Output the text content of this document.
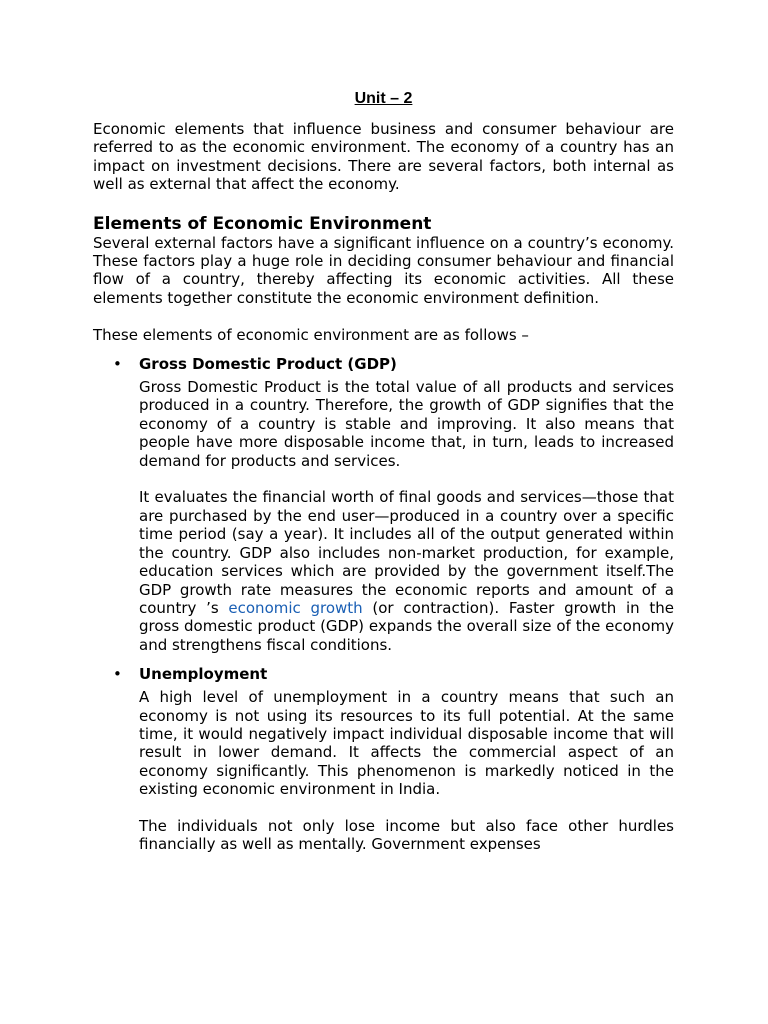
Unit – 2

Economic elements that influence business and consumer behaviour are referred to as the economic environment. The economy of a country has an impact on investment decisions. There are several factors, both internal as well as external that affect the economy.

Elements of Economic Environment

Several external factors have a significant influence on a country’s economy. These factors play a huge role in deciding consumer behaviour and financial flow of a country, thereby affecting its economic activities. All these elements together constitute the economic environment definition.

These elements of economic environment are as follows –

• Gross Domestic Product (GDP)

Gross Domestic Product is the total value of all products and services produced in a country. Therefore, the growth of GDP signifies that the economy of a country is stable and improving. It also means that people have more disposable income that, in turn, leads to increased demand for products and services.

It evaluates the financial worth of final goods and services—those that are purchased by the end user—produced in a country over a specific time period (say a year). It includes all of the output generated within the country. GDP also includes non-market production, for example, education services which are provided by the government itself.The GDP growth rate measures the economic reports and amount of a country ’s economic growth (or contraction). Faster growth in the gross domestic product (GDP) expands the overall size of the economy and strengthens fiscal conditions.

• Unemployment

A high level of unemployment in a country means that such an economy is not using its resources to its full potential. At the same time, it would negatively impact individual disposable income that will result in lower demand. It affects the commercial aspect of an economy significantly. This phenomenon is markedly noticed in the existing economic environment in India.

The individuals not only lose income but also face other hurdles financially as well as mentally. Government expenses
